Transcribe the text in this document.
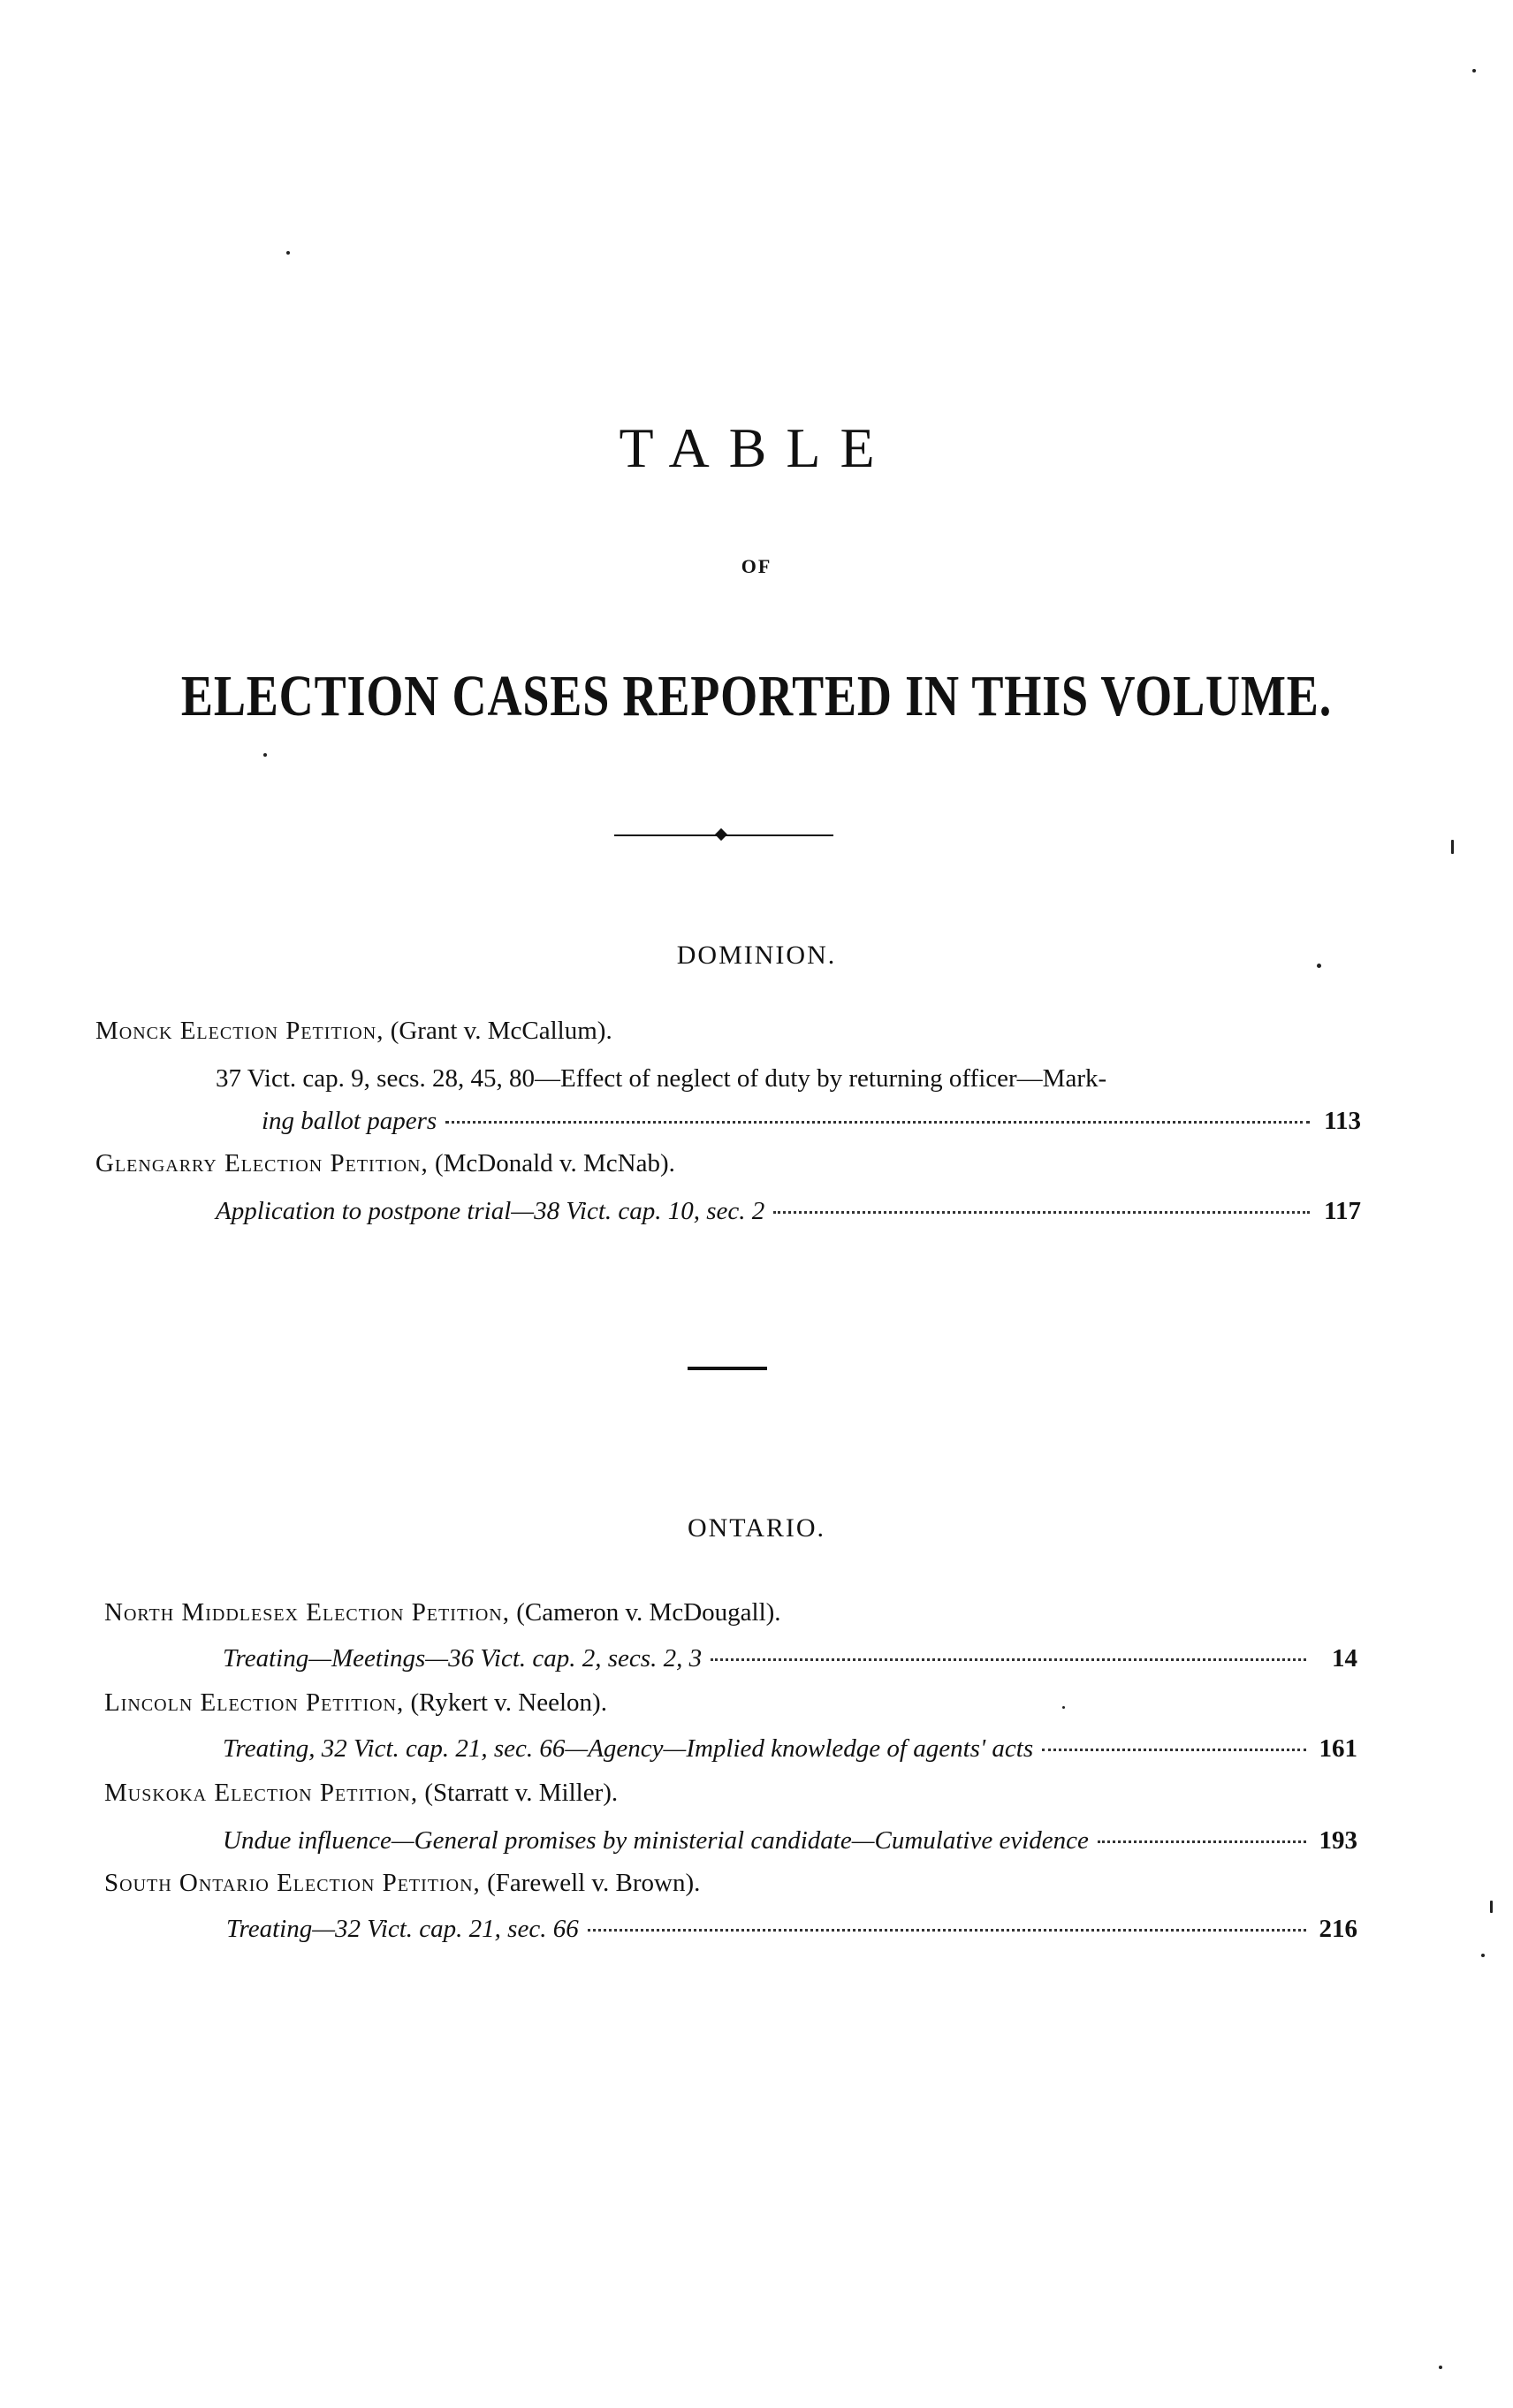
TABLE
OF
ELECTION CASES REPORTED IN THIS VOLUME.
DOMINION.
Monck Election Petition, (Grant v. McCallum).
37 Vict. cap. 9, secs. 28, 45, 80—Effect of neglect of duty by returning officer—Mark-
ing ballot papers	113
Glengarry Election Petition, (McDonald v. McNab).
Application to postpone trial—38 Vict. cap. 10, sec. 2	117
ONTARIO.
North Middlesex Election Petition, (Cameron v. McDougall).
Treating—Meetings—36 Vict. cap. 2, secs. 2, 3	14
Lincoln Election Petition, (Rykert v. Neelon).
Treating, 32 Vict. cap. 21, sec. 66—Agency—Implied knowledge of agents' acts	161
Muskoka Election Petition, (Starratt v. Miller).
Undue influence—General promises by ministerial candidate—Cumulative evidence	193
South Ontario Election Petition, (Farewell v. Brown).
Treating—32 Vict. cap. 21, sec. 66	216
